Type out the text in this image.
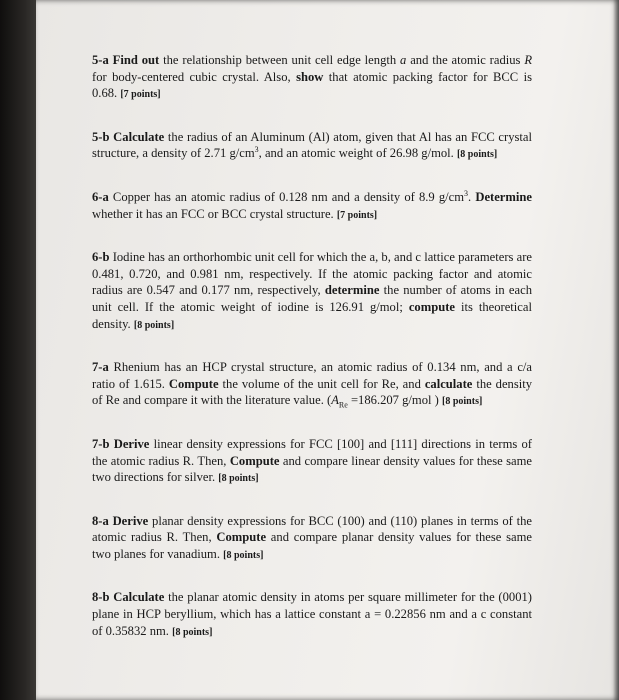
5-a Find out the relationship between unit cell edge length a and the atomic radius R for body-centered cubic crystal. Also, show that atomic packing factor for BCC is 0.68. [7 points]

5-b Calculate the radius of an Aluminum (Al) atom, given that Al has an FCC crystal structure, a density of 2.71 $g/cm^3$, and an atomic weight of 26.98 g/mol. [8 points]

6-a Copper has an atomic radius of 0.128 nm and a density of 8.9 $g/cm^3$. Determine whether it has an FCC or BCC crystal structure. [7 points]

6-b Iodine has an orthorhombic unit cell for which the a, b, and c lattice parameters are 0.481, 0.720, and 0.981 nm, respectively. If the atomic packing factor and atomic radius are 0.547 and 0.177 nm, respectively, determine the number of atoms in each unit cell. If the atomic weight of iodine is 126.91 g/mol; compute its theoretical density. [8 points]

7-a Rhenium has an HCP crystal structure, an atomic radius of 0.134 nm, and a c/a ratio of 1.615. Compute the volume of the unit cell for Re, and calculate the density of Re and compare it with the literature value. ($A_{Re} =186.207$ g/mol ) [8 points]

7-b Derive linear density expressions for FCC [100] and [111] directions in terms of the atomic radius R. Then, Compute and compare linear density values for these same two directions for silver. [8 points]

8-a Derive planar density expressions for BCC (100) and (110) planes in terms of the atomic radius R. Then, Compute and compare planar density values for these same two planes for vanadium. [8 points]

8-b Calculate the planar atomic density in atoms per square millimeter for the (0001) plane in HCP beryllium, which has a lattice constant a = 0.22856 nm and a c constant of 0.35832 nm. [8 points]
